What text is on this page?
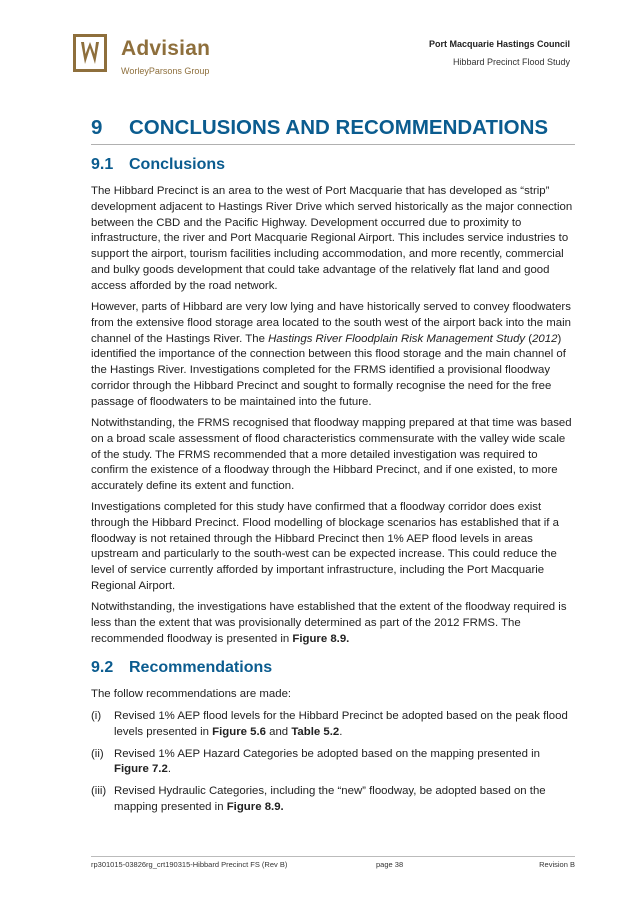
Advisian
WorleyParsons Group
Port Macquarie Hastings Council
Hibbard Precinct Flood Study
9 CONCLUSIONS AND RECOMMENDATIONS
9.1 Conclusions

The Hibbard Precinct is an area to the west of Port Macquarie that has developed as “strip” development adjacent to Hastings River Drive which served historically as the major connection between the CBD and the Pacific Highway. Development occurred due to proximity to infrastructure, the river and Port Macquarie Regional Airport. This includes service industries to support the airport, tourism facilities including accommodation, and more recently, commercial and bulky goods development that could take advantage of the relatively flat land and good access afforded by the road network.

However, parts of Hibbard are very low lying and have historically served to convey floodwaters from the extensive flood storage area located to the south west of the airport back into the main channel of the Hastings River. The Hastings River Floodplain Risk Management Study (2012) identified the importance of the connection between this flood storage and the main channel of the Hastings River. Investigations completed for the FRMS identified a provisional floodway corridor through the Hibbard Precinct and sought to formally recognise the need for the free passage of floodwaters to be maintained into the future.

Notwithstanding, the FRMS recognised that floodway mapping prepared at that time was based on a broad scale assessment of flood characteristics commensurate with the valley wide scale of the study. The FRMS recommended that a more detailed investigation was required to confirm the existence of a floodway through the Hibbard Precinct, and if one existed, to more accurately define its extent and function.

Investigations completed for this study have confirmed that a floodway corridor does exist through the Hibbard Precinct. Flood modelling of blockage scenarios has established that if a floodway is not retained through the Hibbard Precinct then 1% AEP flood levels in areas upstream and particularly to the south-west can be expected increase. This could reduce the level of service currently afforded by important infrastructure, including the Port Macquarie Regional Airport.

Notwithstanding, the investigations have established that the extent of the floodway required is less than the extent that was provisionally determined as part of the 2012 FRMS. The recommended floodway is presented in Figure 8.9.

9.2 Recommendations

The follow recommendations are made:

(i) Revised 1% AEP flood levels for the Hibbard Precinct be adopted based on the peak flood levels presented in Figure 5.6 and Table 5.2.
(ii) Revised 1% AEP Hazard Categories be adopted based on the mapping presented in Figure 7.2.
(iii) Revised Hydraulic Categories, including the “new” floodway, be adopted based on the mapping presented in Figure 8.9.
rp301015-03826rg_crt190315-Hibbard Precinct FS (Rev B)	page 38	Revision B
